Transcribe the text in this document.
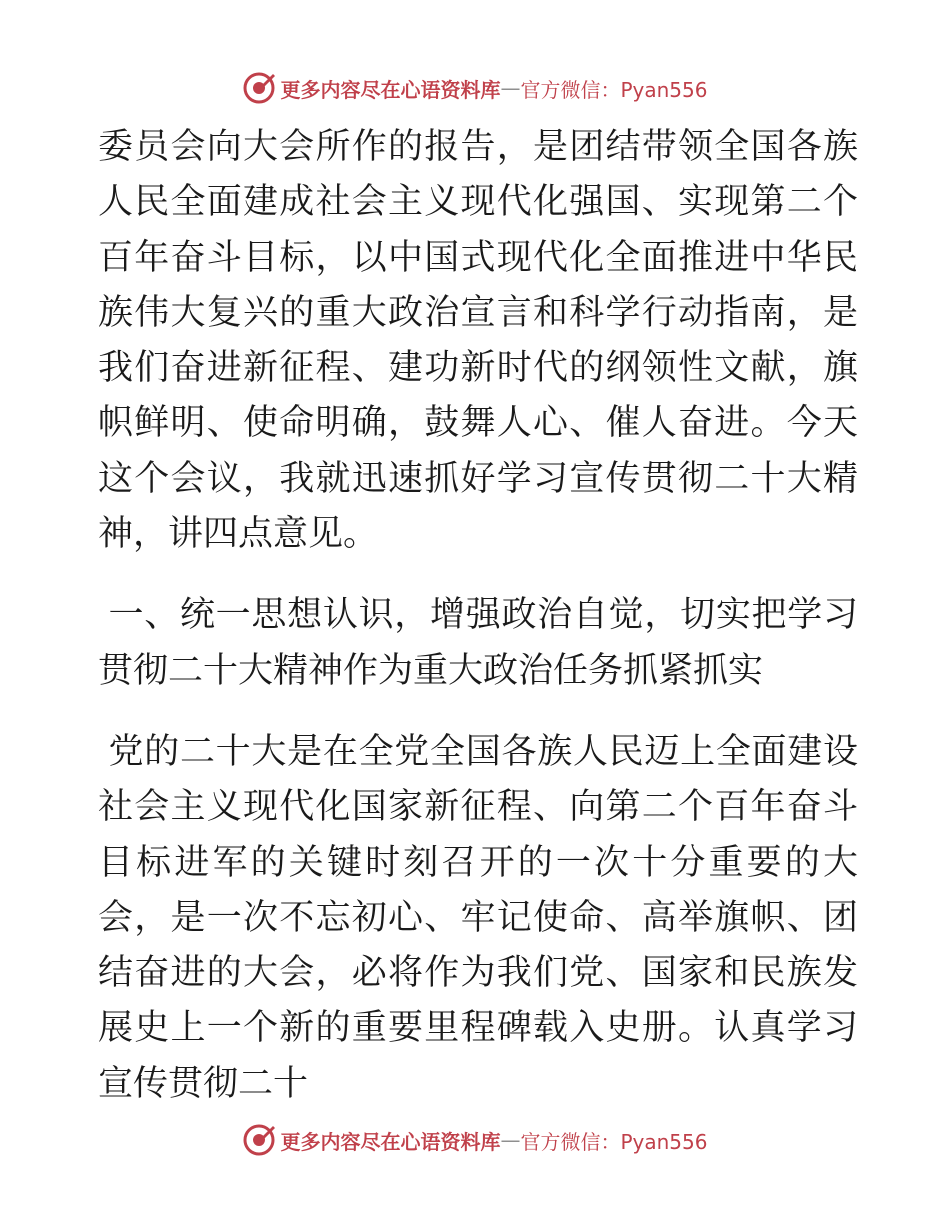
更多内容尽在心语资料库 — 官方微信：Pyan556

委员会向大会所作的报告，是团结带领全国各族人民全面建成社会主义现代化强国、实现第二个百年奋斗目标，以中国式现代化全面推进中华民族伟大复兴的重大政治宣言和科学行动指南，是我们奋进新征程、建功新时代的纲领性文献，旗帜鲜明、使命明确，鼓舞人心、催人奋进。今天这个会议，我就迅速抓好学习宣传贯彻二十大精神，讲四点意见。

一、统一思想认识，增强政治自觉，切实把学习贯彻二十大精神作为重大政治任务抓紧抓实

党的二十大是在全党全国各族人民迈上全面建设社会主义现代化国家新征程、向第二个百年奋斗目标进军的关键时刻召开的一次十分重要的大会，是一次不忘初心、牢记使命、高举旗帜、团结奋进的大会，必将作为我们党、国家和民族发展史上一个新的重要里程碑载入史册。认真学习宣传贯彻二十

更多内容尽在心语资料库 — 官方微信：Pyan556
